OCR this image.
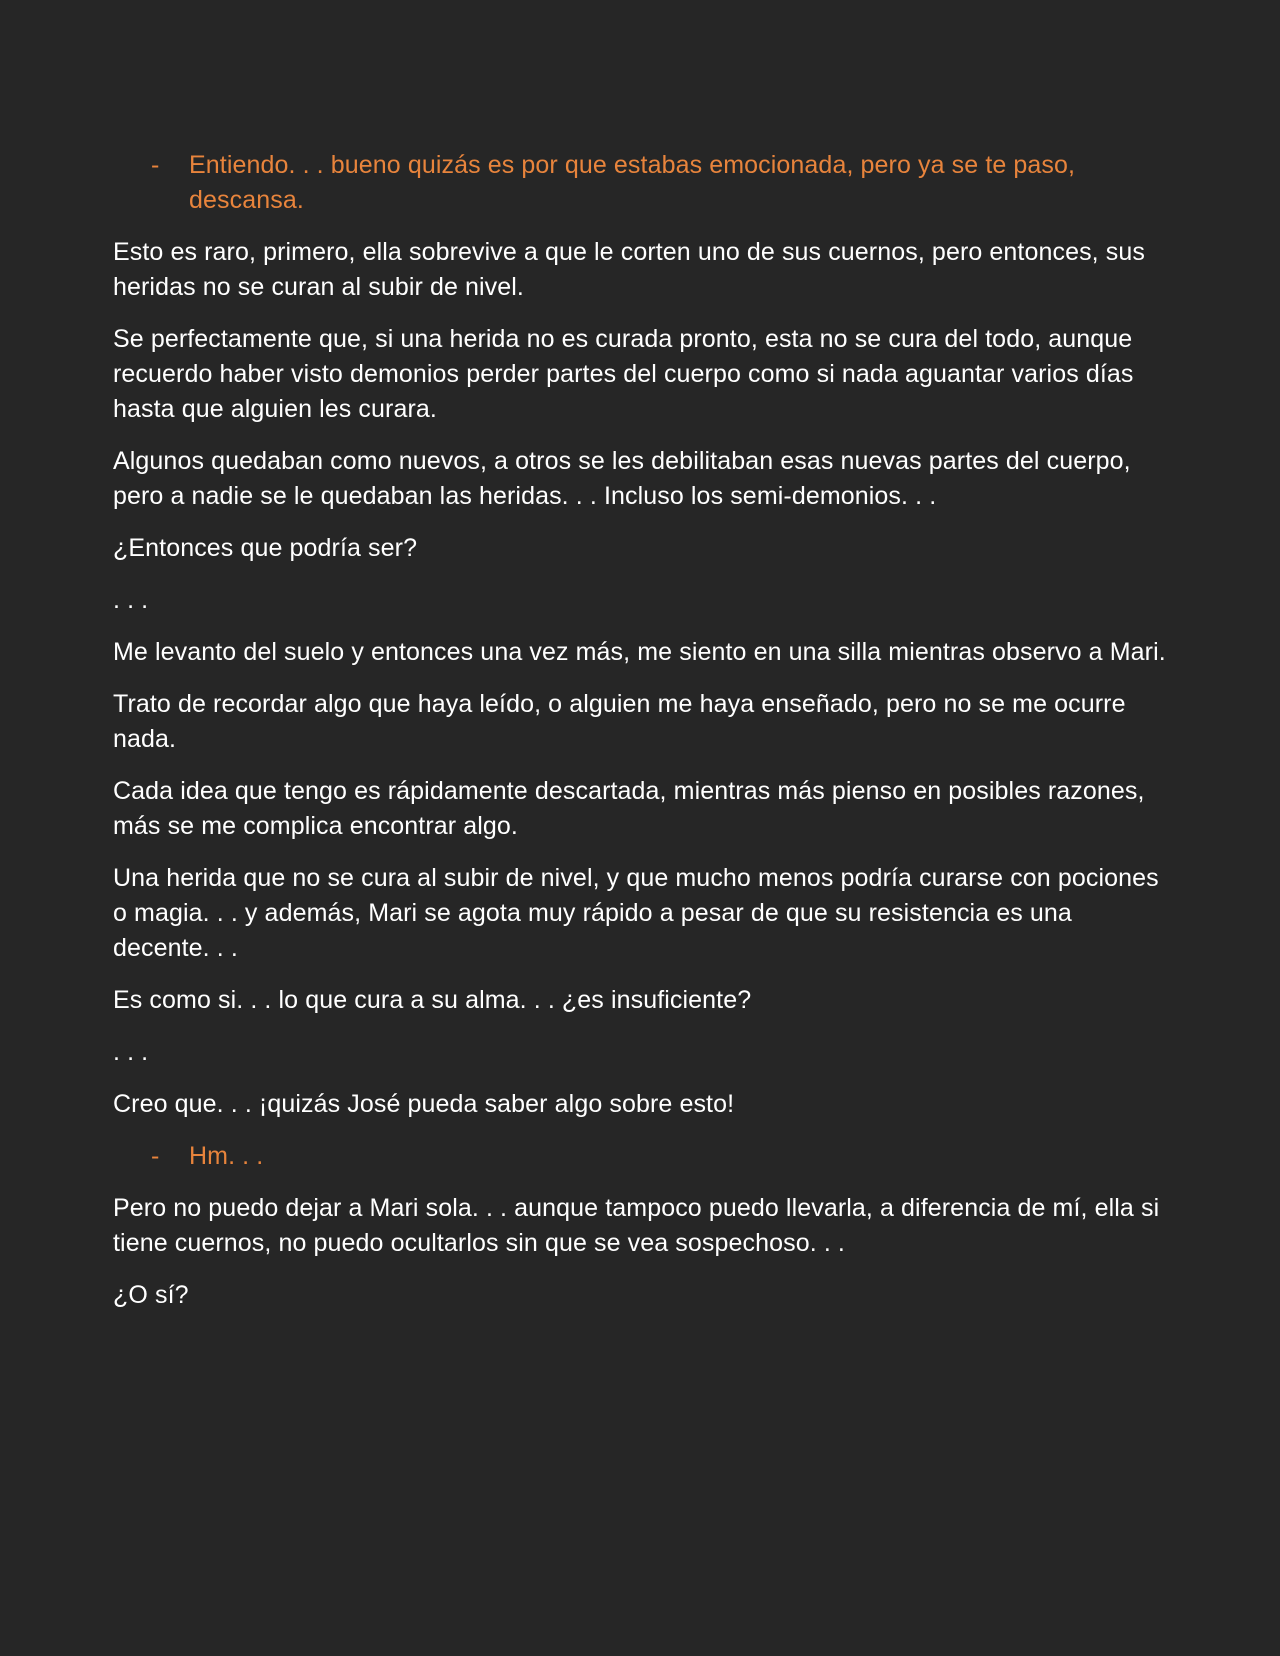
- Entiendo. . . bueno quizás es por que estabas emocionada, pero ya se te paso, descansa.

Esto es raro, primero, ella sobrevive a que le corten uno de sus cuernos, pero entonces, sus heridas no se curan al subir de nivel.

Se perfectamente que, si una herida no es curada pronto, esta no se cura del todo, aunque recuerdo haber visto demonios perder partes del cuerpo como si nada aguantar varios días hasta que alguien les curara.

Algunos quedaban como nuevos, a otros se les debilitaban esas nuevas partes del cuerpo, pero a nadie se le quedaban las heridas. . . Incluso los semi-demonios. . .

¿Entonces que podría ser?

. . .

Me levanto del suelo y entonces una vez más, me siento en una silla mientras observo a Mari.

Trato de recordar algo que haya leído, o alguien me haya enseñado, pero no se me ocurre nada.

Cada idea que tengo es rápidamente descartada, mientras más pienso en posibles razones, más se me complica encontrar algo.

Una herida que no se cura al subir de nivel, y que mucho menos podría curarse con pociones o magia. . . y además, Mari se agota muy rápido a pesar de que su resistencia es una decente. . .

Es como si. . . lo que cura a su alma. . . ¿es insuficiente?

. . .

Creo que. . . ¡quizás José pueda saber algo sobre esto!

- Hm. . .

Pero no puedo dejar a Mari sola. . . aunque tampoco puedo llevarla, a diferencia de mí, ella si tiene cuernos, no puedo ocultarlos sin que se vea sospechoso. . .

¿O sí?
